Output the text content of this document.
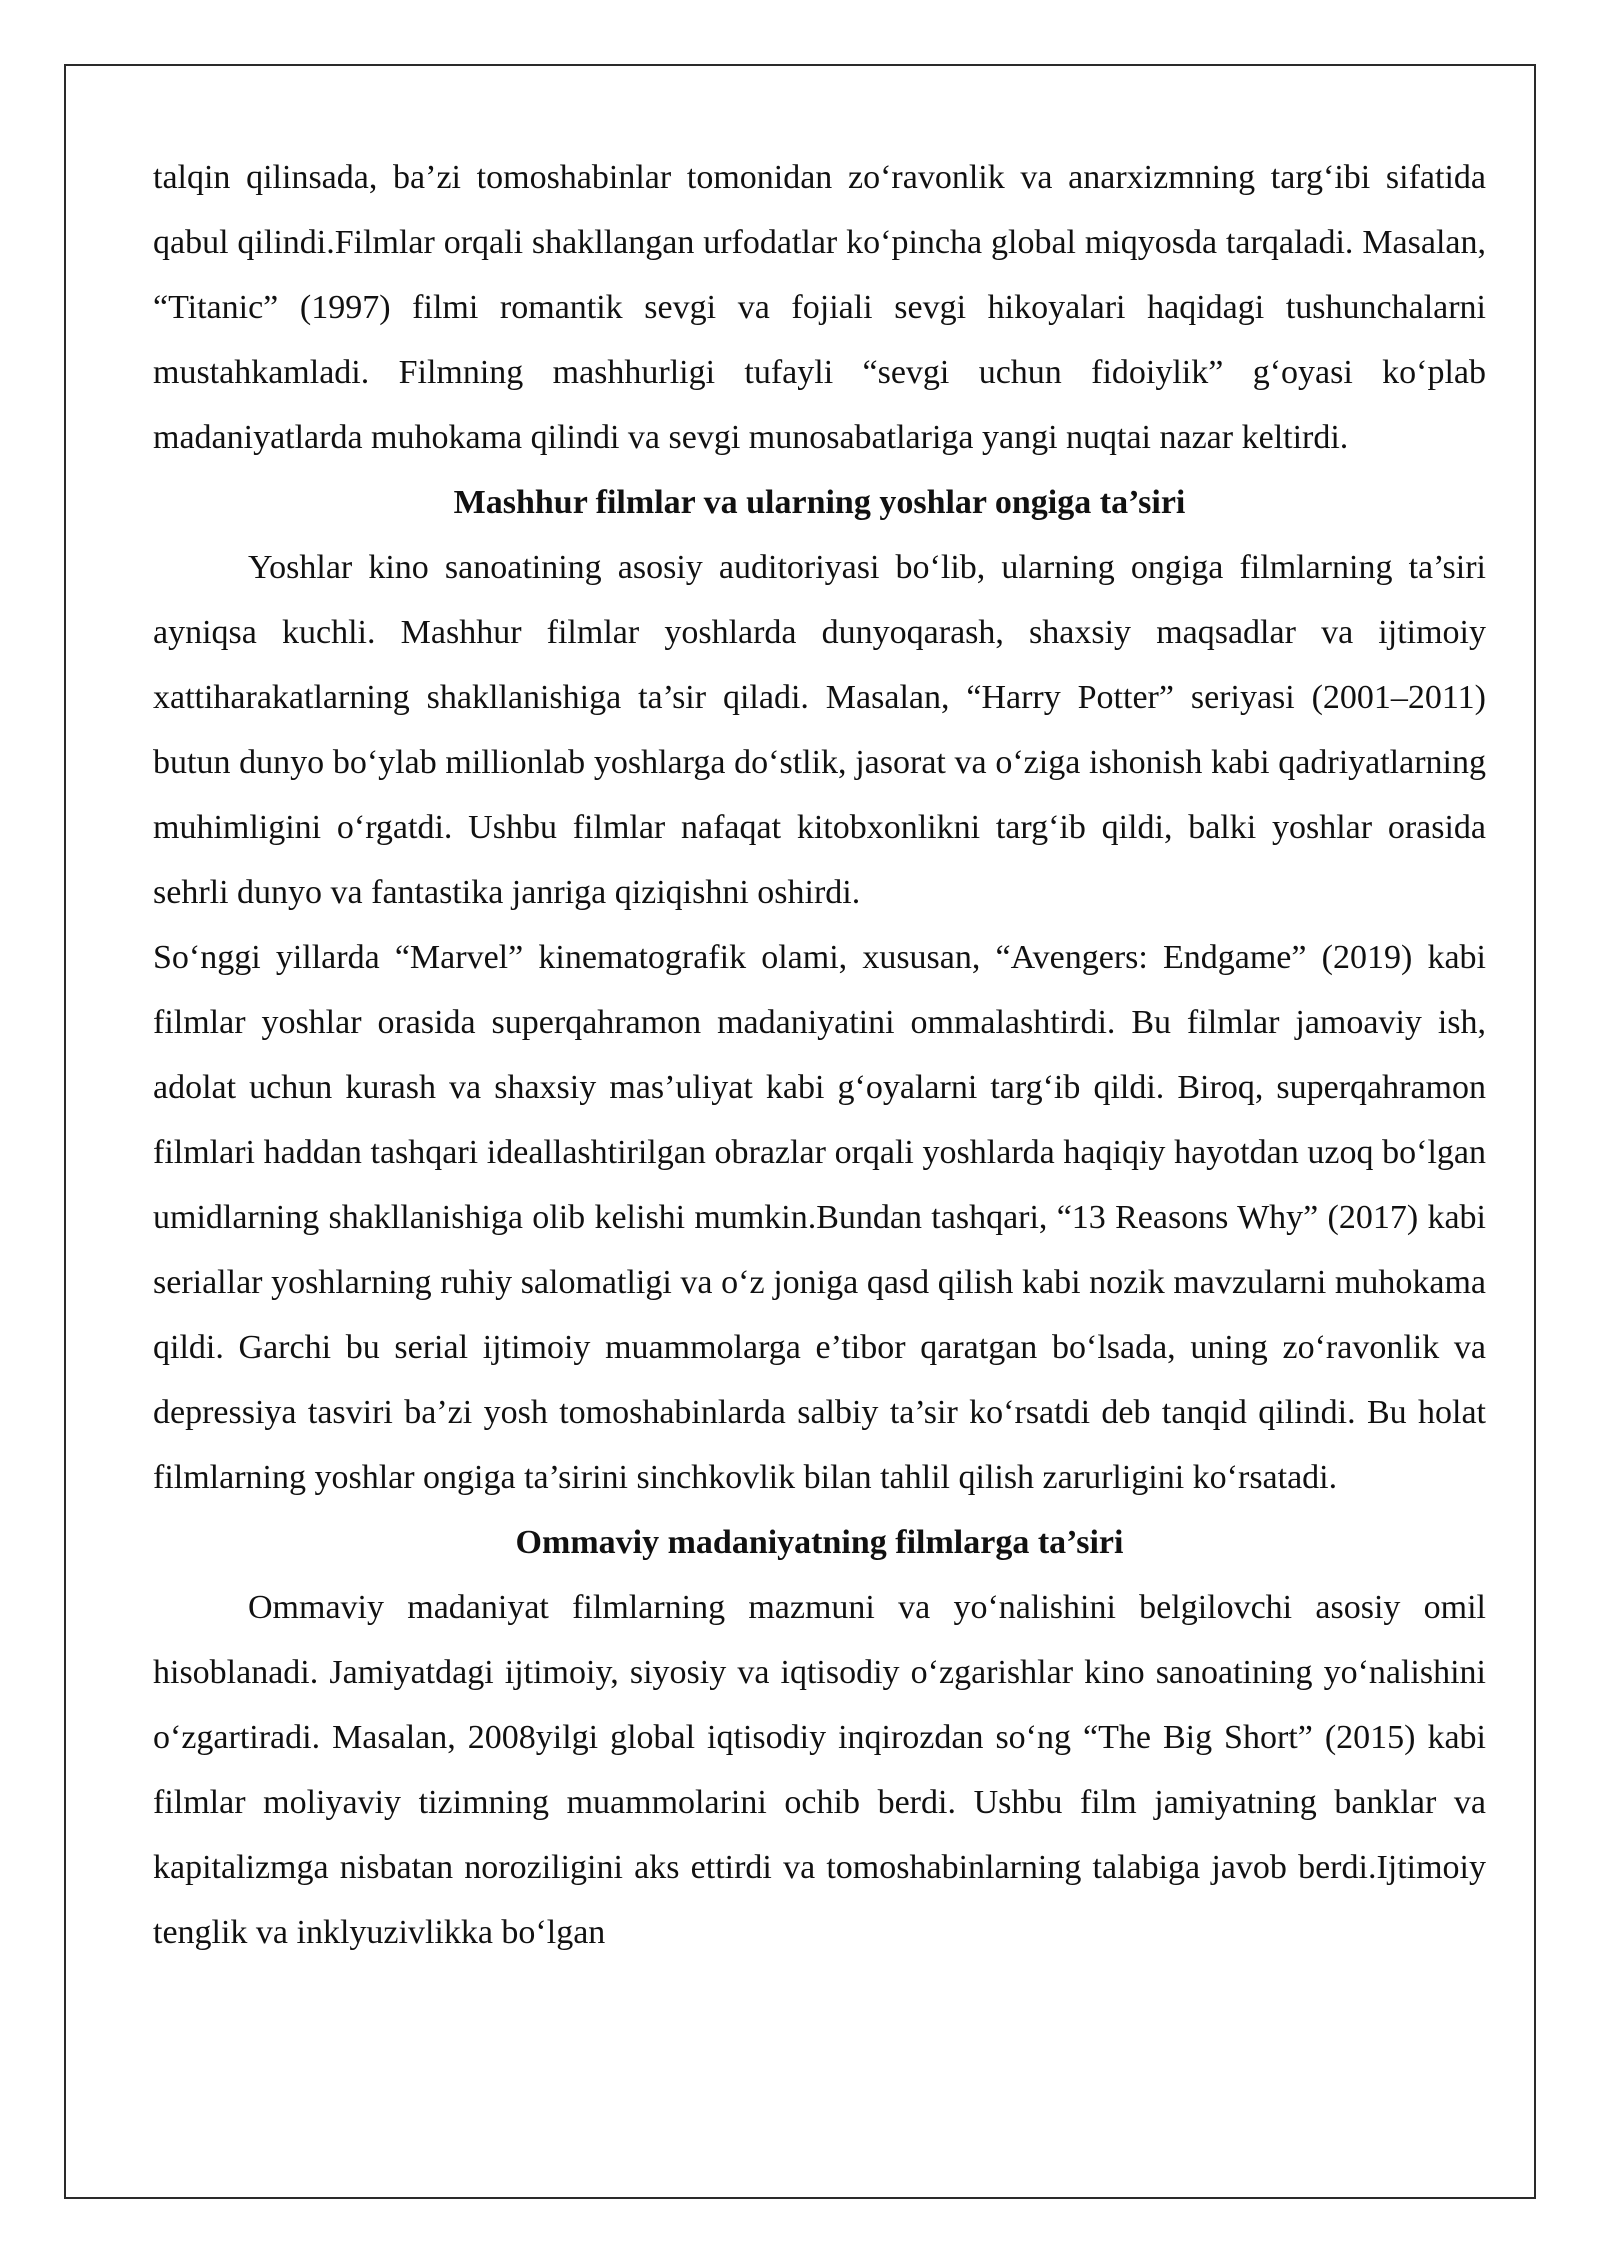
talqin qilinsada, ba’zi tomoshabinlar tomonidan zo‘ravonlik va anarxizmning targ‘ibi sifatida qabul qilindi.Filmlar orqali shakllangan urfodatlar ko‘pincha global miqyosda tarqaladi. Masalan, “Titanic” (1997) filmi romantik sevgi va fojiali sevgi hikoyalari haqidagi tushunchalarni mustahkamladi. Filmning mashhurligi tufayli “sevgi uchun fidoiylik” g‘oyasi ko‘plab madaniyatlarda muhokama qilindi va sevgi munosabatlariga yangi nuqtai nazar keltirdi.

Mashhur filmlar va ularning yoshlar ongiga ta’siri

Yoshlar kino sanoatining asosiy auditoriyasi bo‘lib, ularning ongiga filmlarning ta’siri ayniqsa kuchli. Mashhur filmlar yoshlarda dunyoqarash, shaxsiy maqsadlar va ijtimoiy xattiharakatlarning shakllanishiga ta’sir qiladi. Masalan, “Harry Potter” seriyasi (2001–2011) butun dunyo bo‘ylab millionlab yoshlarga do‘stlik, jasorat va o‘ziga ishonish kabi qadriyatlarning muhimligini o‘rgatdi. Ushbu filmlar nafaqat kitobxonlikni targ‘ib qildi, balki yoshlar orasida sehrli dunyo va fantastika janriga qiziqishni oshirdi.

So‘nggi yillarda “Marvel” kinematografik olami, xususan, “Avengers: Endgame” (2019) kabi filmlar yoshlar orasida superqahramon madaniyatini ommalashtirdi. Bu filmlar jamoaviy ish, adolat uchun kurash va shaxsiy mas’uliyat kabi g‘oyalarni targ‘ib qildi. Biroq, superqahramon filmlari haddan tashqari ideallashtirilgan obrazlar orqali yoshlarda haqiqiy hayotdan uzoq bo‘lgan umidlarning shakllanishiga olib kelishi mumkin.Bundan tashqari, “13 Reasons Why” (2017) kabi seriallar yoshlarning ruhiy salomatligi va o‘z joniga qasd qilish kabi nozik mavzularni muhokama qildi. Garchi bu serial ijtimoiy muammolarga e’tibor qaratgan bo‘lsada, uning zo‘ravonlik va depressiya tasviri ba’zi yosh tomoshabinlarda salbiy ta’sir ko‘rsatdi deb tanqid qilindi. Bu holat filmlarning yoshlar ongiga ta’sirini sinchkovlik bilan tahlil qilish zarurligini ko‘rsatadi.

Ommaviy madaniyatning filmlarga ta’siri

Ommaviy madaniyat filmlarning mazmuni va yo‘nalishini belgilovchi asosiy omil hisoblanadi. Jamiyatdagi ijtimoiy, siyosiy va iqtisodiy o‘zgarishlar kino sanoatining yo‘nalishini o‘zgartiradi. Masalan, 2008yilgi global iqtisodiy inqirozdan so‘ng “The Big Short” (2015) kabi filmlar moliyaviy tizimning muammolarini ochib berdi. Ushbu film jamiyatning banklar va kapitalizmga nisbatan noroziligini aks ettirdi va tomoshabinlarning talabiga javob berdi.Ijtimoiy tenglik va inklyuzivlikka bo‘lgan
